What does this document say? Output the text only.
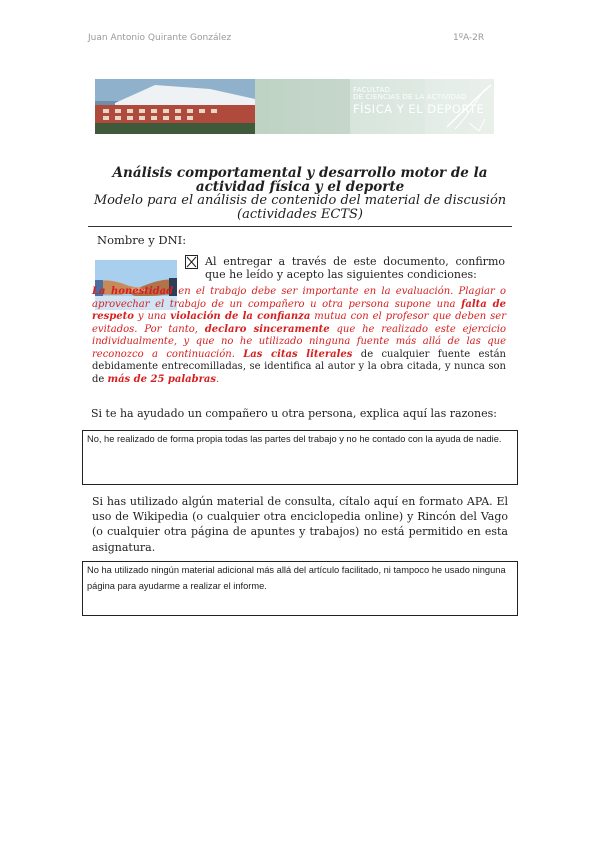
Juan Antonio Quirante González	1ºA-2R
FACULTAD
DE CIENCIAS DE LA ACTIVIDAD
FÍSICA Y EL DEPORTE
Análisis comportamental y desarrollo motor de la actividad física y el deporte
Modelo para el análisis de contenido del material de discusión (actividades ECTS)
Nombre y DNI:
Al entregar a través de este documento, confirmo que he leído y acepto las siguientes condiciones:
La honestidad en el trabajo debe ser importante en la evaluación. Plagiar o aprovechar el trabajo de un compañero u otra persona supone una falta de respeto y una violación de la confianza mutua con el profesor que deben ser evitados. Por tanto, declaro sinceramente que he realizado este ejercicio individualmente, y que no he utilizado ninguna fuente más allá de las que reconozco a continuación. Las citas literales de cualquier fuente están debidamente entrecomilladas, se identifica al autor y la obra citada, y nunca son de más de 25 palabras.
Si te ha ayudado un compañero u otra persona, explica aquí las razones:
No, he realizado de forma propia todas las partes del trabajo y no he contado con la ayuda de nadie.
Si has utilizado algún material de consulta, cítalo aquí en formato APA. El uso de Wikipedia (o cualquier otra enciclopedia online) y Rincón del Vago (o cualquier otra página de apuntes y trabajos) no está permitido en esta asignatura.
No ha utilizado ningún material adicional más allá del artículo facilitado, ni tampoco he usado ninguna página para ayudarme a realizar el informe.
